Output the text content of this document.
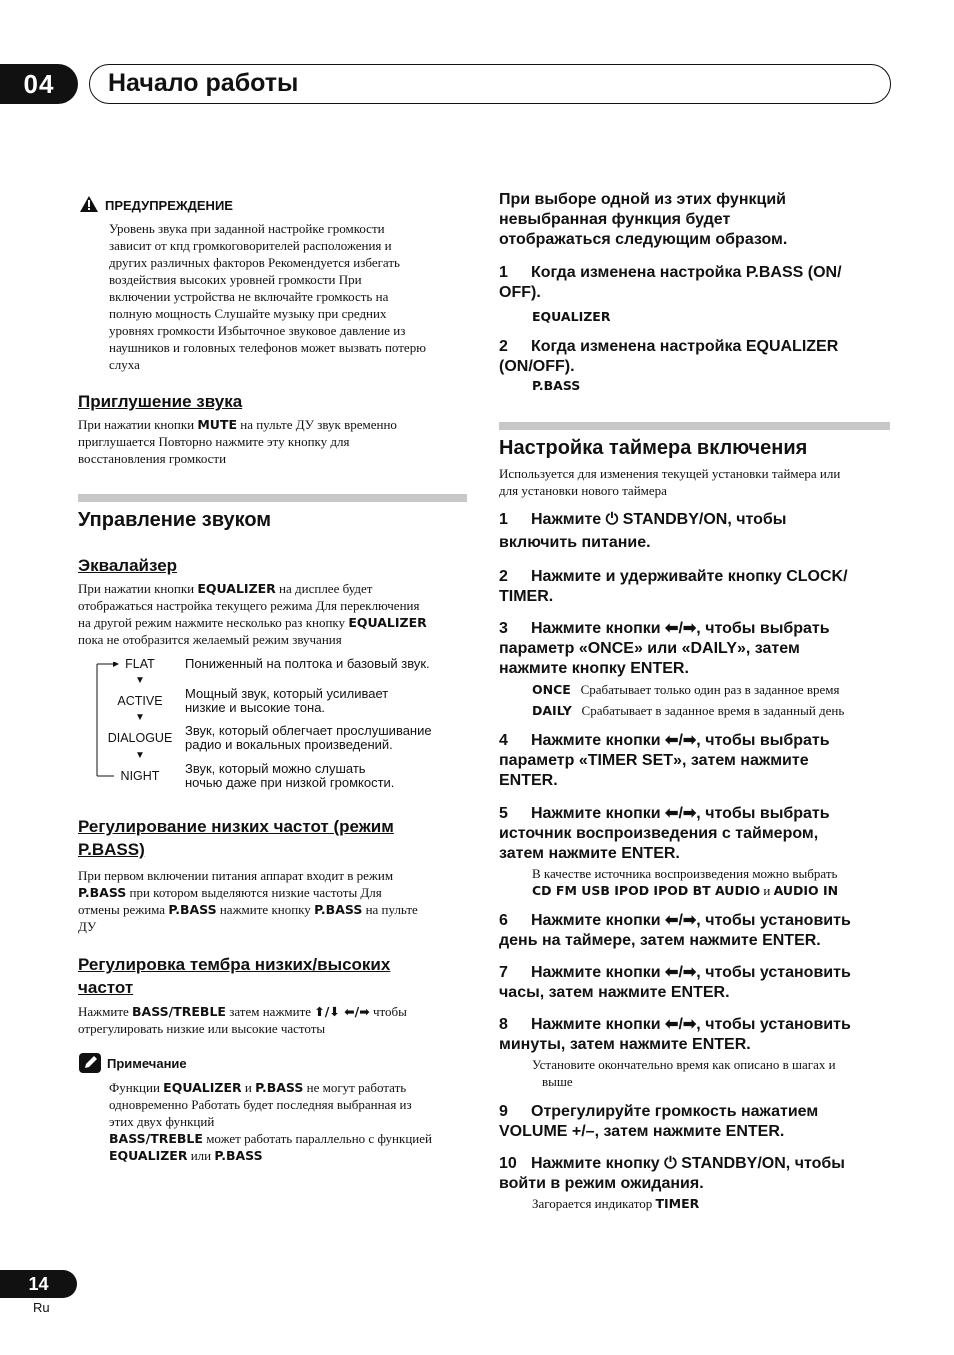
04	Начало работы
ПРЕДУПРЕЖДЕНИЕ
Уровень звука при заданной настройке громкости
зависит от кпд громкоговорителей расположения и
других различных факторов Рекомендуется избегать
воздействия высоких уровней громкости При
включении устройства не включайте громкость на
полную мощность Слушайте музыку при средних
уровнях громкости Избыточное звуковое давление из
наушников и головных телефонов может вызвать потерю
слуха
Приглушение звука
При нажатии кнопки MUTE на пульте ДУ звук временно
приглушается Повторно нажмите эту кнопку для
восстановления громкости
Управление звуком
Эквалайзер
При нажатии кнопки EQUALIZER на дисплее будет
отображаться настройка текущего режима Для переключения
на другой режим нажмите несколько раз кнопку EQUALIZER
пока не отобразится желаемый режим звучания
FLAT
▼
ACTIVE
▼
DIALOGUE
▼
NIGHT
Пониженный на полтока и базовый звук.
Мощный звук, который усиливает
низкие и высокие тона.
Звук, который облегчает прослушивание
радио и вокальных произведений.
Звук, который можно слушать
ночью даже при низкой громкости.
Регулирование низких частот (режим
P.BASS)
При первом включении питания аппарат входит в режим
P.BASS при котором выделяются низкие частоты Для
отмены режима P.BASS нажмите кнопку P.BASS на пульте
ДУ
Регулировка тембра низких/высоких
частот
Нажмите BASS/TREBLE затем нажмите ⬆/⬇ ⬅/➡ чтобы
отрегулировать низкие или высокие частоты
Примечание
Функции EQUALIZER и P.BASS не могут работать
одновременно Работать будет последняя выбранная из
этих двух функций
BASS/TREBLE может работать параллельно с функцией
EQUALIZER или P.BASS
При выборе одной из этих функций
невыбранная функция будет
отображаться следующим образом.
1 Когда изменена настройка P.BASS (ON/
OFF).
EQUALIZER
2 Когда изменена настройка EQUALIZER
(ON/OFF).
P.BASS
Настройка таймера включения
Используется для изменения текущей установки таймера или
для установки нового таймера
1 Нажмите ⏻ STANDBY/ON, чтобы
включить питание.
2 Нажмите и удерживайте кнопку CLOCK/
TIMER.
3 Нажмите кнопки ⬅/➡, чтобы выбрать
параметр «ONCE» или «DAILY», затем
нажмите кнопку ENTER.
ONCE Срабатывает только один раз в заданное время
DAILY Срабатывает в заданное время в заданный день
4 Нажмите кнопки ⬅/➡, чтобы выбрать
параметр «TIMER SET», затем нажмите
ENTER.
5 Нажмите кнопки ⬅/➡, чтобы выбрать
источник воспроизведения с таймером,
затем нажмите ENTER.
В качестве источника воспроизведения можно выбрать
CD FM USB IPOD IPOD BT AUDIO и AUDIO IN
6 Нажмите кнопки ⬅/➡, чтобы установить
день на таймере, затем нажмите ENTER.
7 Нажмите кнопки ⬅/➡, чтобы установить
часы, затем нажмите ENTER.
8 Нажмите кнопки ⬅/➡, чтобы установить
минуты, затем нажмите ENTER.
Установите окончательно время как описано в шагах и
выше
9 Отрегулируйте громкость нажатием
VOLUME +/–, затем нажмите ENTER.
10 Нажмите кнопку ⏻ STANDBY/ON, чтобы
войти в режим ожидания.
Загорается индикатор TIMER
14
Ru
